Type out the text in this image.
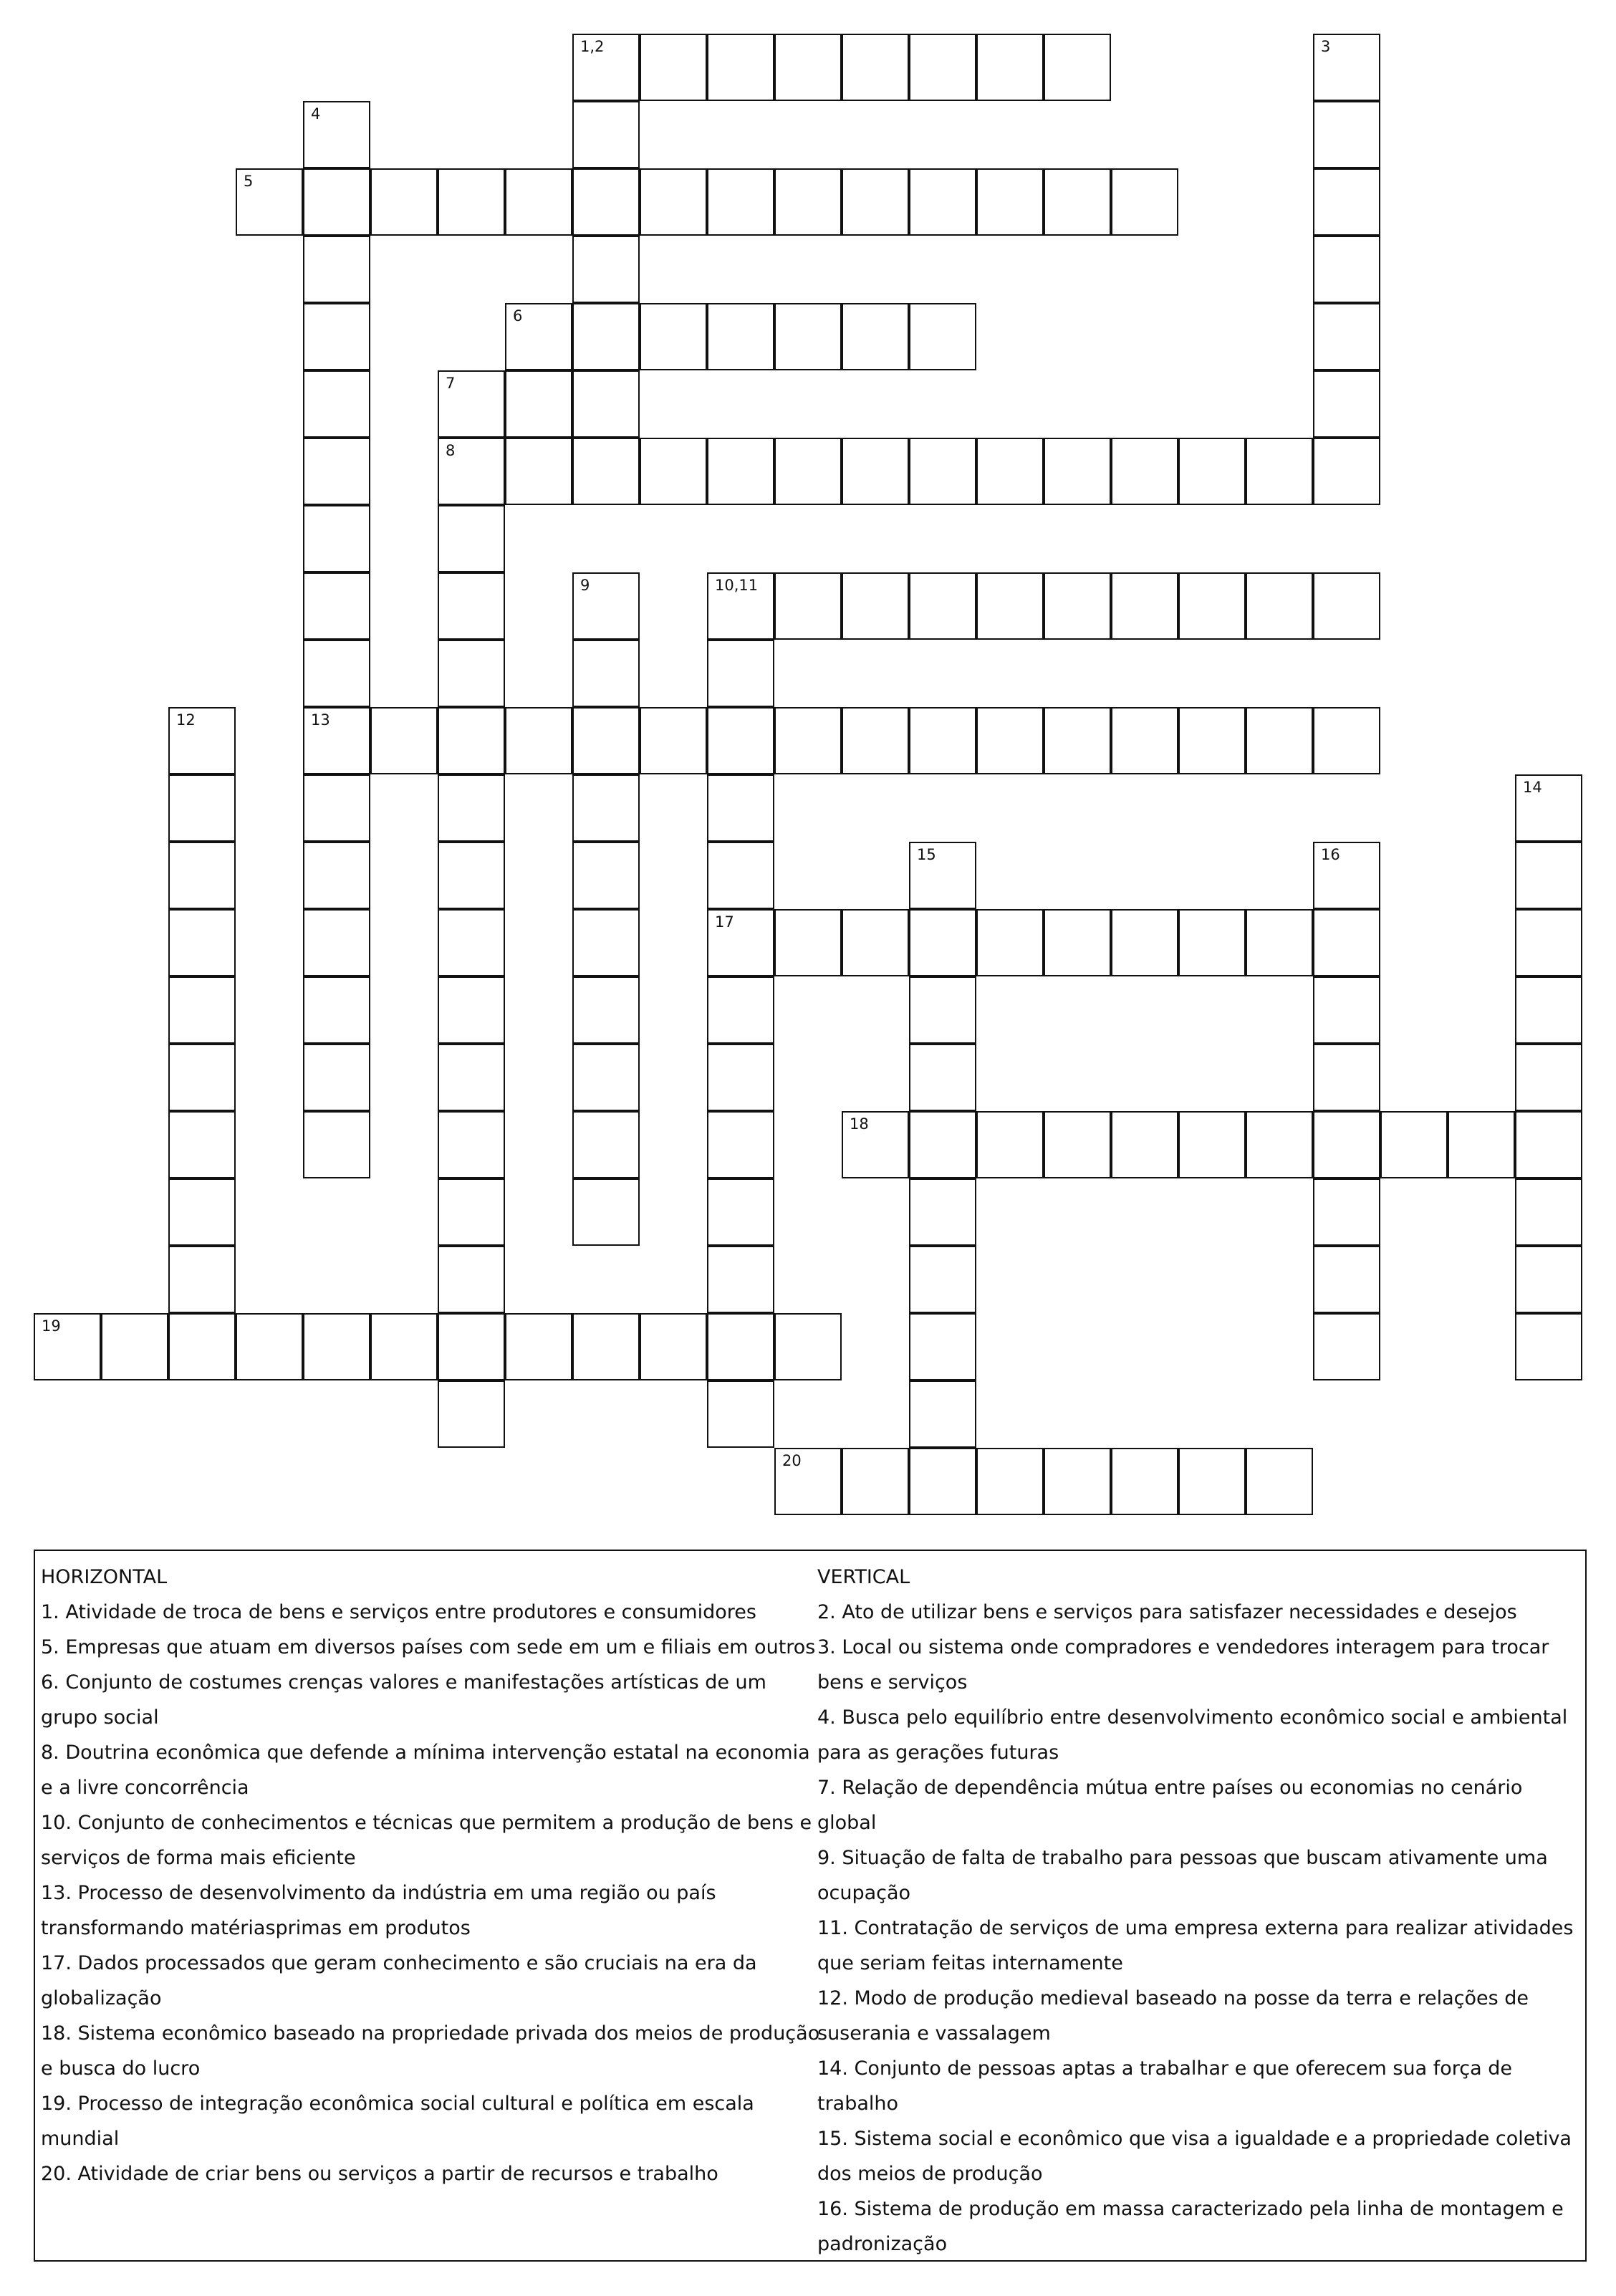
1,2
5
6
7
8
10,11
13
17
18
19
20
3
4
9
12
14
15	16
HORIZONTAL
1. Atividade de troca de bens e serviços entre produtores e consumidores
5. Empresas que atuam em diversos países com sede em um e filiais em outros
6. Conjunto de costumes crenças valores e manifestações artísticas de um grupo social
8. Doutrina econômica que defende a mínima intervenção estatal na economia e a livre concorrência
10. Conjunto de conhecimentos e técnicas que permitem a produção de bens e serviços de forma mais eficiente
13. Processo de desenvolvimento da indústria em uma região ou país transformando matériasprimas em produtos
17. Dados processados que geram conhecimento e são cruciais na era da globalização
18. Sistema econômico baseado na propriedade privada dos meios de produção e busca do lucro
19. Processo de integração econômica social cultural e política em escala mundial
20. Atividade de criar bens ou serviços a partir de recursos e trabalho
VERTICAL
2. Ato de utilizar bens e serviços para satisfazer necessidades e desejos
3. Local ou sistema onde compradores e vendedores interagem para trocar bens e serviços
4. Busca pelo equilíbrio entre desenvolvimento econômico social e ambiental para as gerações futuras
7. Relação de dependência mútua entre países ou economias no cenário global
9. Situação de falta de trabalho para pessoas que buscam ativamente uma ocupação
11. Contratação de serviços de uma empresa externa para realizar atividades que seriam feitas internamente
12. Modo de produção medieval baseado na posse da terra e relações de suserania e vassalagem
14. Conjunto de pessoas aptas a trabalhar e que oferecem sua força de trabalho
15. Sistema social e econômico que visa a igualdade e a propriedade coletiva dos meios de produção
16. Sistema de produção em massa caracterizado pela linha de montagem e padronização
